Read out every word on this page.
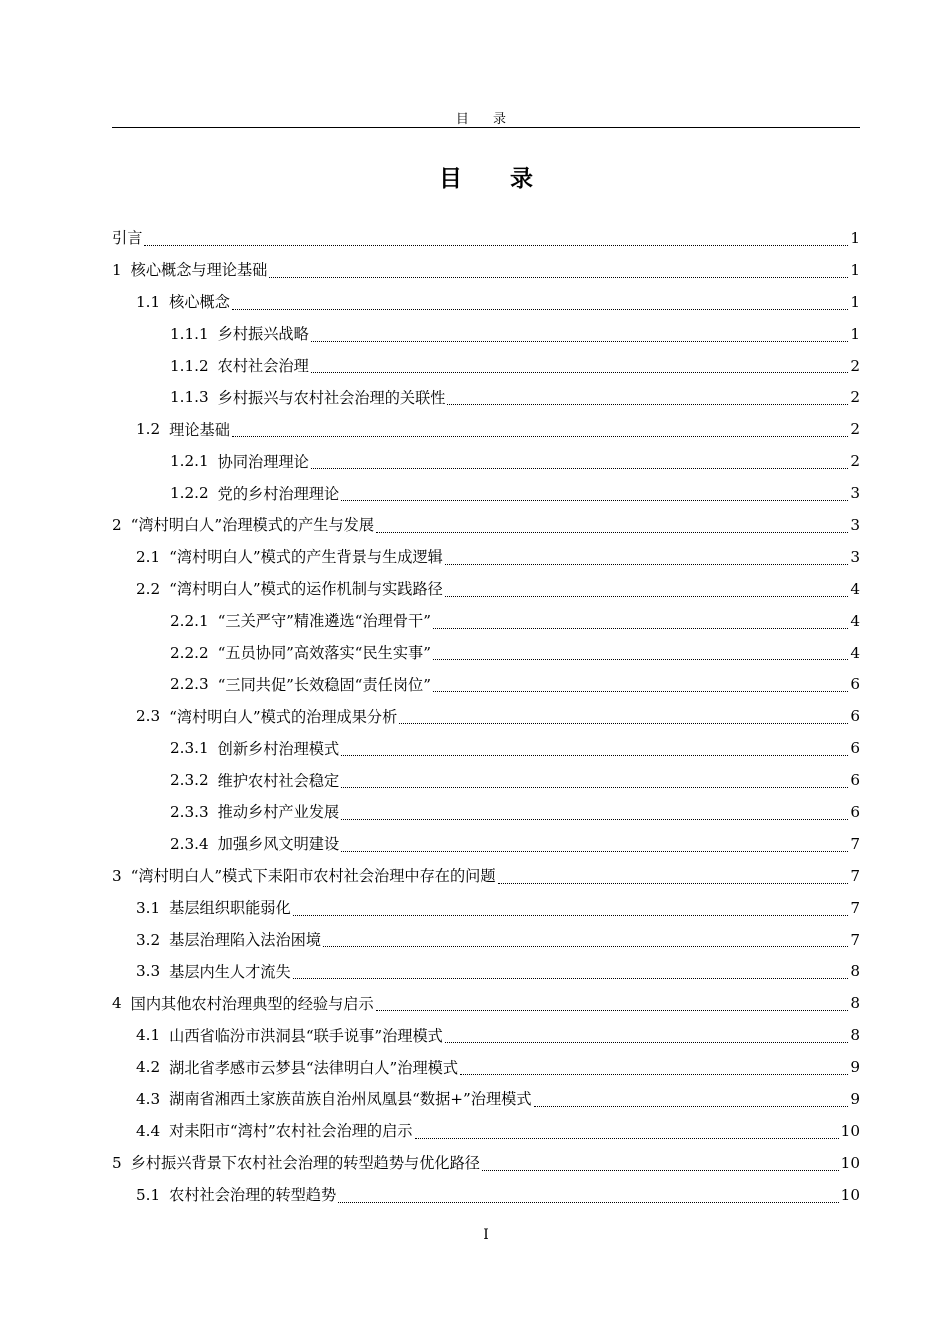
目 录
目 录
引言	1
1 核心概念与理论基础	1
1.1 核心概念	1
1.1.1 乡村振兴战略	1
1.1.2 农村社会治理	2
1.1.3 乡村振兴与农村社会治理的关联性	2
1.2 理论基础	2
1.2.1 协同治理理论	2
1.2.2 党的乡村治理理论	3
2 “湾村明白人”治理模式的产生与发展	3
2.1 “湾村明白人”模式的产生背景与生成逻辑	3
2.2 “湾村明白人”模式的运作机制与实践路径	4
2.2.1 “三关严守”精准遴选“治理骨干”	4
2.2.2 “五员协同”高效落实“民生实事”	4
2.2.3 “三同共促”长效稳固“责任岗位”	6
2.3 “湾村明白人”模式的治理成果分析	6
2.3.1 创新乡村治理模式	6
2.3.2 维护农村社会稳定	6
2.3.3 推动乡村产业发展	6
2.3.4 加强乡风文明建设	7
3 “湾村明白人”模式下耒阳市农村社会治理中存在的问题	7
3.1 基层组织职能弱化	7
3.2 基层治理陷入法治困境	7
3.3 基层内生人才流失	8
4 国内其他农村治理典型的经验与启示	8
4.1 山西省临汾市洪洞县“联手说事”治理模式	8
4.2 湖北省孝感市云梦县“法律明白人”治理模式	9
4.3 湖南省湘西土家族苗族自治州凤凰县“数据+”治理模式	9
4.4 对耒阳市“湾村”农村社会治理的启示	10
5 乡村振兴背景下农村社会治理的转型趋势与优化路径	10
5.1 农村社会治理的转型趋势	10
I
